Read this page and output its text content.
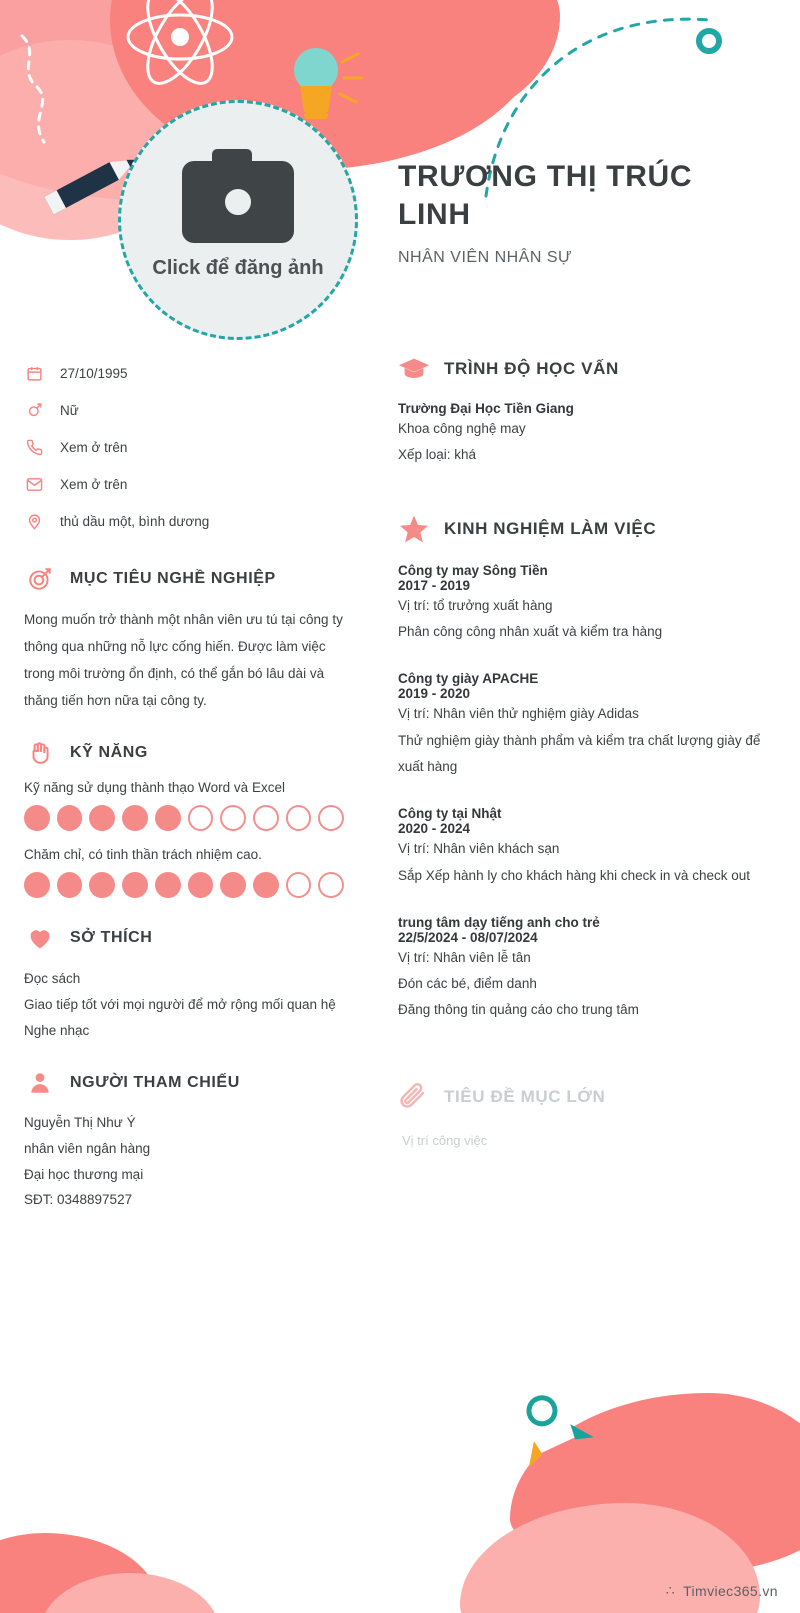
Click để đăng ảnh
TRƯƠNG THỊ TRÚC LINH
NHÂN VIÊN NHÂN SỰ
27/10/1995
Nữ
Xem ở trên
Xem ở trên
thủ dầu một, bình dương
MỤC TIÊU NGHỀ NGHIỆP

Mong muốn trở thành một nhân viên ưu tú tại công ty thông qua những nỗ lực cống hiến. Được làm việc trong môi trường ổn định, có thể gắn bó lâu dài và thăng tiến hơn nữa tại công ty.

KỸ NĂNG
Kỹ năng sử dụng thành thạo Word và Excel
Chăm chỉ, có tinh thần trách nhiệm cao.
SỞ THÍCH
Đọc sách
Giao tiếp tốt với mọi người để mở rộng mối quan hệ
Nghe nhạc
NGƯỜI THAM CHIẾU
Nguyễn Thị Như Ý
nhân viên ngân hàng
Đại học thương mại
SĐT: 0348897527
TRÌNH ĐỘ HỌC VẤN
Trường Đại Học Tiền Giang
Khoa công nghệ may
Xếp loại: khá
KINH NGHIỆM LÀM VIỆC
Công ty may Sông Tiền
2017 - 2019
Vị trí: tổ trưởng xuất hàng
Phân công công nhân xuất và kiểm tra hàng
Công ty giày APACHE
2019 - 2020
Vị trí: Nhân viên thử nghiệm giày Adidas
Thử nghiệm giày thành phẩm và kiểm tra chất lượng giày để xuất hàng
Công ty tại Nhật
2020 - 2024
Vị trí: Nhân viên khách sạn
Sắp Xếp hành ly cho khách hàng khi check in và check out
trung tâm dạy tiếng anh cho trẻ
22/5/2024 - 08/07/2024
Vị trí: Nhân viên lễ tân
Đón các bé, điểm danh
Đăng thông tin quảng cáo cho trung tâm
TIÊU ĐỀ MỤC LỚN
Vị trí công việc
∴ Timviec365.vn
